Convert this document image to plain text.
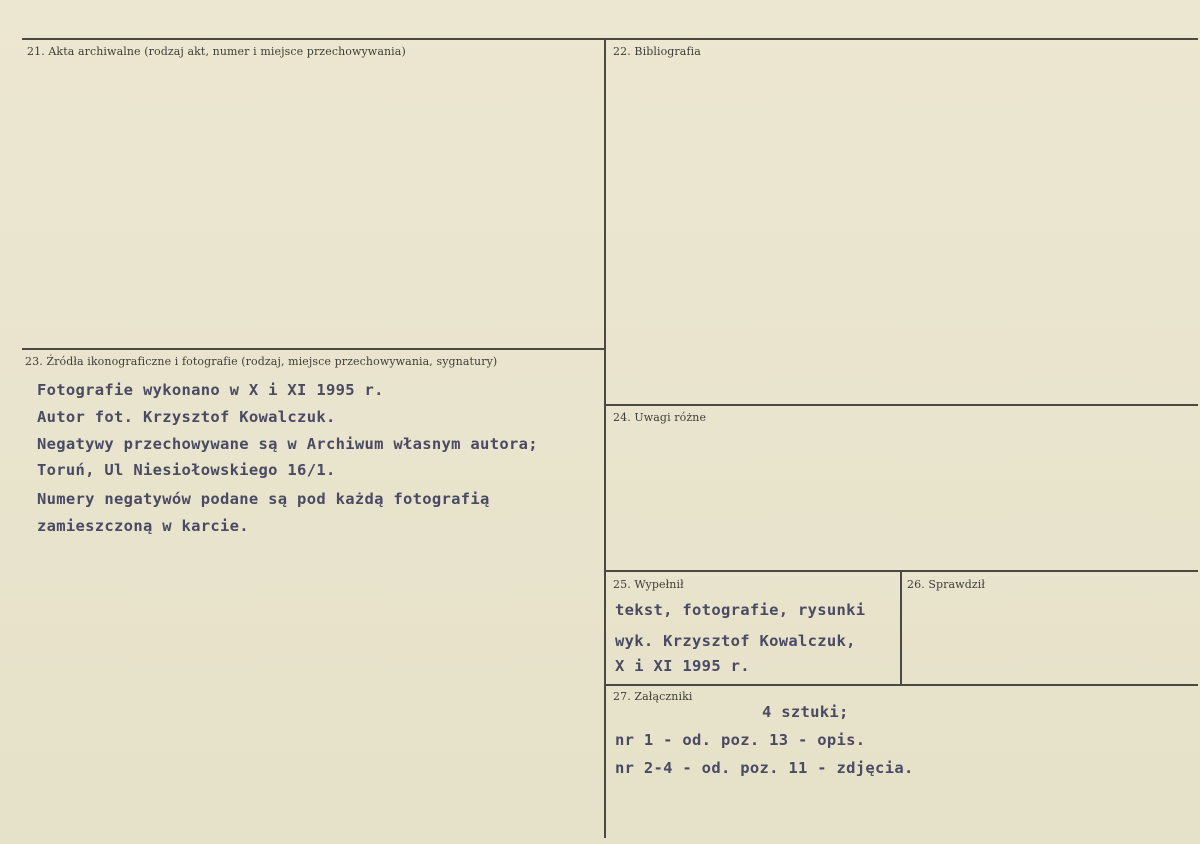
21. Akta archiwalne (rodzaj akt, numer i miejsce przechowywania)	22. Bibliografia
23. Źródła ikonograficzne i fotografie (rodzaj, miejsce przechowywania, sygnatury)
24. Uwagi różne
25. Wypełnił	26. Sprawdził
27. Załączniki
Fotografie wykonano w X i XI 1995 r.
Autor fot. Krzysztof Kowalczuk.
Negatywy przechowywane są w Archiwum własnym autora;
Toruń, Ul Niesiołowskiego 16/1.
Numery negatywów podane są pod każdą fotografią
zamieszczoną w karcie.
tekst, fotografie, rysunki
wyk. Krzysztof Kowalczuk,
X i XI 1995 r.
4 sztuki;
nr 1 - od. poz. 13 - opis.
nr 2-4 - od. poz. 11 - zdjęcia.
